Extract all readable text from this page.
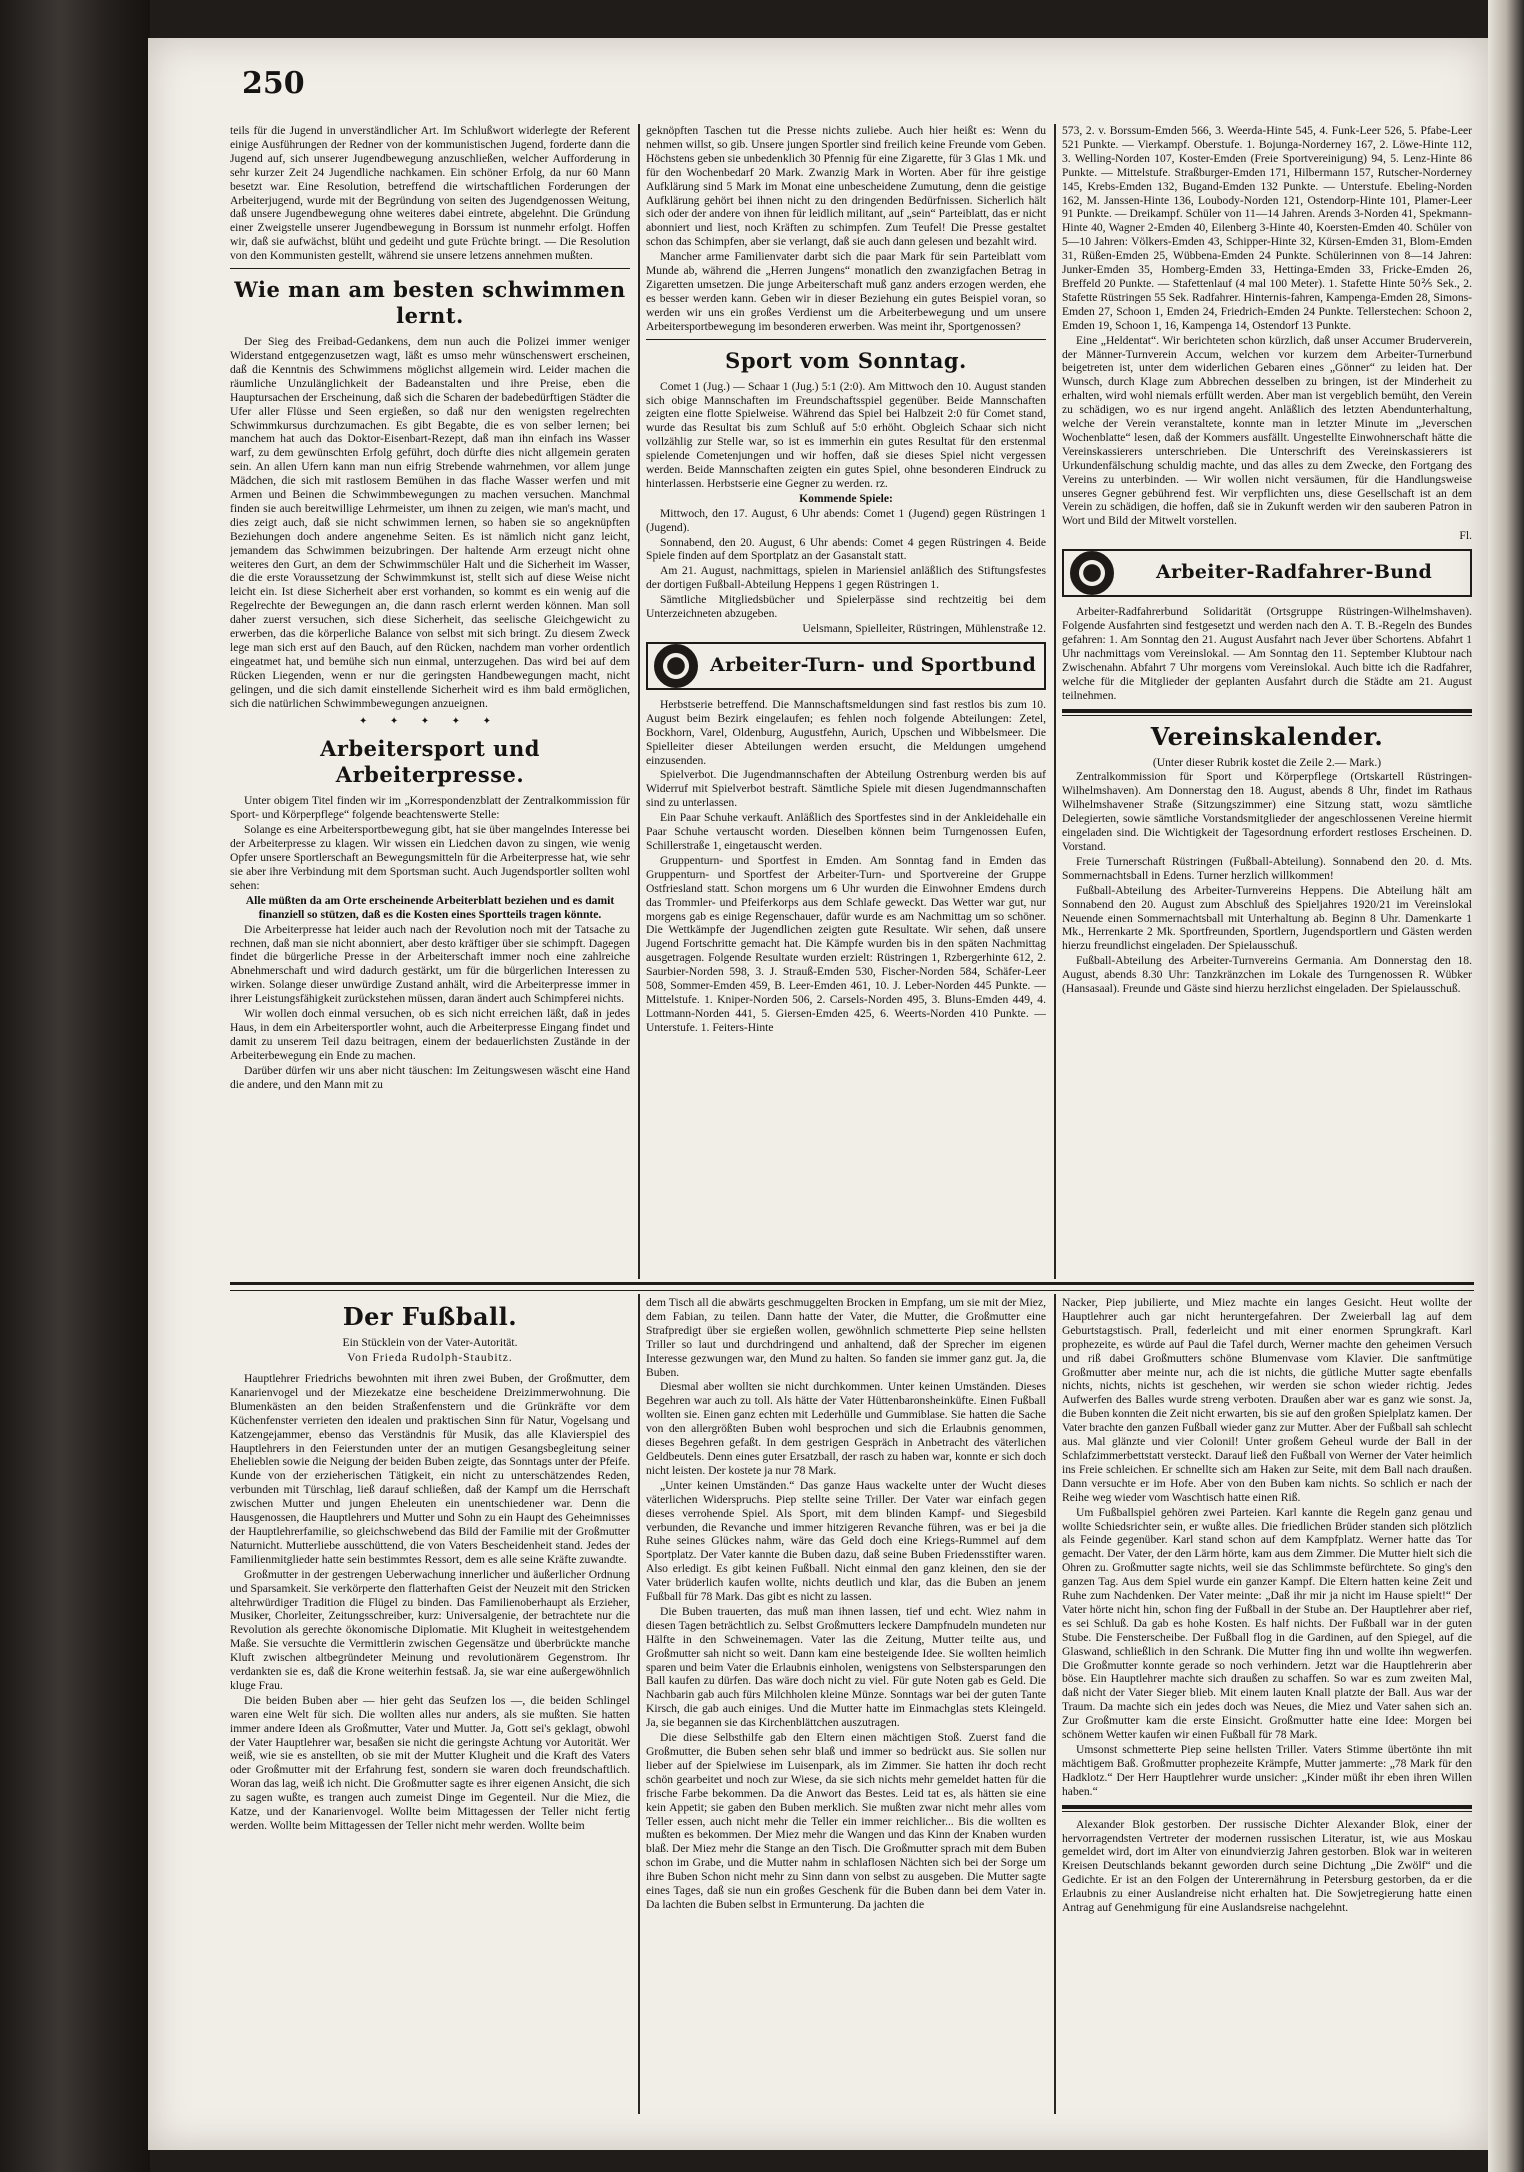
250

teils für die Jugend in unverständlicher Art. Im Schlußwort widerlegte der Referent einige Ausführungen der Redner von der kommunistischen Jugend, forderte dann die Jugend auf, sich unserer Jugendbewegung anzuschließen, welcher Aufforderung in sehr kurzer Zeit 24 Jugendliche nachkamen. Ein schöner Erfolg, da nur 60 Mann besetzt war. Eine Resolution, betreffend die wirtschaftlichen Forderungen der Arbeiterjugend, wurde mit der Begründung von seiten des Jugendgenossen Weitung, daß unsere Jugendbewegung ohne weiteres dabei eintrete, abgelehnt. Die Gründung einer Zweigstelle unserer Jugendbewegung in Borssum ist nunmehr erfolgt. Hoffen wir, daß sie aufwächst, blüht und gedeiht und gute Früchte bringt. — Die Resolution von den Kommunisten gestellt, während sie unsere letzens annehmen mußten.

Wie man am besten schwimmen lernt.

Der Sieg des Freibad-Gedankens, dem nun auch die Polizei immer weniger Widerstand entgegenzusetzen wagt, läßt es umso mehr wünschenswert erscheinen, daß die Kenntnis des Schwimmens möglichst allgemein wird. Leider machen die räumliche Unzulänglichkeit der Badeanstalten und ihre Preise, eben die Hauptursachen der Erscheinung, daß sich die Scharen der badebedürftigen Städter die Ufer aller Flüsse und Seen ergießen, so daß nur den wenigsten regelrechten Schwimmkursus durchzumachen. Es gibt Begabte, die es von selber lernen; bei manchem hat auch das Doktor-Eisenbart-Rezept, daß man ihn einfach ins Wasser warf, zu dem gewünschten Erfolg geführt, doch dürfte dies nicht allgemein geraten sein. An allen Ufern kann man nun eifrig Strebende wahrnehmen, vor allem junge Mädchen, die sich mit rastlosem Bemühen in das flache Wasser werfen und mit Armen und Beinen die Schwimmbewegungen zu machen versuchen. Manchmal finden sie auch bereitwillige Lehrmeister, um ihnen zu zeigen, wie man's macht, und dies zeigt auch, daß sie nicht schwimmen lernen, so haben sie so angeknüpften Beziehungen doch andere angenehme Seiten. Es ist nämlich nicht ganz leicht, jemandem das Schwimmen beizubringen. Der haltende Arm erzeugt nicht ohne weiteres den Gurt, an dem der Schwimmschüler Halt und die Sicherheit im Wasser, die die erste Voraussetzung der Schwimmkunst ist, stellt sich auf diese Weise nicht leicht ein. Ist diese Sicherheit aber erst vorhanden, so kommt es ein wenig auf die Regelrechte der Bewegungen an, die dann rasch erlernt werden können. Man soll daher zuerst versuchen, sich diese Sicherheit, das seelische Gleichgewicht zu erwerben, das die körperliche Balance von selbst mit sich bringt. Zu diesem Zweck lege man sich erst auf den Bauch, auf den Rücken, nachdem man vorher ordentlich eingeatmet hat, und bemühe sich nun einmal, unterzugehen. Das wird bei auf dem Rücken Liegenden, wenn er nur die geringsten Handbewegungen macht, nicht gelingen, und die sich damit einstellende Sicherheit wird es ihm bald ermöglichen, sich die natürlichen Schwimmbewegungen anzueignen.

✦ ✦ ✦ ✦ ✦
Arbeitersport und Arbeiterpresse.

Unter obigem Titel finden wir im „Korrespondenzblatt der Zentralkommission für Sport- und Körperpflege“ folgende beachtenswerte Stelle:

Solange es eine Arbeitersportbewegung gibt, hat sie über mangelndes Interesse bei der Arbeiterpresse zu klagen. Wir wissen ein Liedchen davon zu singen, wie wenig Opfer unsere Sportlerschaft an Bewegungsmitteln für die Arbeiterpresse hat, wie sehr sie aber ihre Verbindung mit dem Sportsman sucht. Auch Jugendsportler sollten wohl sehen:

Alle müßten da am Orte erscheinende Arbeiterblatt beziehen und es damit finanziell so stützen, daß es die Kosten eines Sportteils tragen könnte.

Die Arbeiterpresse hat leider auch nach der Revolution noch mit der Tatsache zu rechnen, daß man sie nicht abonniert, aber desto kräftiger über sie schimpft. Dagegen findet die bürgerliche Presse in der Arbeiterschaft immer noch eine zahlreiche Abnehmerschaft und wird dadurch gestärkt, um für die bürgerlichen Interessen zu wirken. Solange dieser unwürdige Zustand anhält, wird die Arbeiterpresse immer in ihrer Leistungsfähigkeit zurückstehen müssen, daran ändert auch Schimpferei nichts.

Wir wollen doch einmal versuchen, ob es sich nicht erreichen läßt, daß in jedes Haus, in dem ein Arbeitersportler wohnt, auch die Arbeiterpresse Eingang findet und damit zu unserem Teil dazu beitragen, einem der bedauerlichsten Zustände in der Arbeiterbewegung ein Ende zu machen.

Darüber dürfen wir uns aber nicht täuschen: Im Zeitungswesen wäscht eine Hand die andere, und den Mann mit zu

geknöpften Taschen tut die Presse nichts zuliebe. Auch hier heißt es: Wenn du nehmen willst, so gib. Unsere jungen Sportler sind freilich keine Freunde vom Geben. Höchstens geben sie unbedenklich 30 Pfennig für eine Zigarette, für 3 Glas 1 Mk. und für den Wochenbedarf 20 Mark. Zwanzig Mark in Worten. Aber für ihre geistige Aufklärung sind 5 Mark im Monat eine unbescheidene Zumutung, denn die geistige Aufklärung gehört bei ihnen nicht zu den dringenden Bedürfnissen. Sicherlich hält sich oder der andere von ihnen für leidlich militant, auf „sein“ Parteiblatt, das er nicht abonniert und liest, noch Kräften zu schimpfen. Zum Teufel! Die Presse gestaltet schon das Schimpfen, aber sie verlangt, daß sie auch dann gelesen und bezahlt wird.

Mancher arme Familienvater darbt sich die paar Mark für sein Parteiblatt vom Munde ab, während die „Herren Jungens“ monatlich den zwanzigfachen Betrag in Zigaretten umsetzen. Die junge Arbeiterschaft muß ganz anders erzogen werden, ehe es besser werden kann. Geben wir in dieser Beziehung ein gutes Beispiel voran, so werden wir uns ein großes Verdienst um die Arbeiterbewegung und um unsere Arbeitersportbewegung im besonderen erwerben. Was meint ihr, Sportgenossen?

Sport vom Sonntag.

Comet 1 (Jug.) — Schaar 1 (Jug.) 5:1 (2:0). Am Mittwoch den 10. August standen sich obige Mannschaften im Freundschaftsspiel gegenüber. Beide Mannschaften zeigten eine flotte Spielweise. Während das Spiel bei Halbzeit 2:0 für Comet stand, wurde das Resultat bis zum Schluß auf 5:0 erhöht. Obgleich Schaar sich nicht vollzählig zur Stelle war, so ist es immerhin ein gutes Resultat für den erstenmal spielende Cometenjungen und wir hoffen, daß sie dieses Spiel nicht vergessen werden. Beide Mannschaften zeigten ein gutes Spiel, ohne besonderen Eindruck zu hinterlassen. Herbstserie eine Gegner zu werden. rz.

Kommende Spiele:

Mittwoch, den 17. August, 6 Uhr abends: Comet 1 (Jugend) gegen Rüstringen 1 (Jugend).

Sonnabend, den 20. August, 6 Uhr abends: Comet 4 gegen Rüstringen 4. Beide Spiele finden auf dem Sportplatz an der Gasanstalt statt.

Am 21. August, nachmittags, spielen in Mariensiel anläßlich des Stiftungsfestes der dortigen Fußball-Abteilung Heppens 1 gegen Rüstringen 1.

Sämtliche Mitgliedsbücher und Spielerpässe sind rechtzeitig bei dem Unterzeichneten abzugeben.

Uelsmann, Spielleiter, Rüstringen, Mühlenstraße 12.

Arbeiter-Turn- und Sportbund

Herbstserie betreffend. Die Mannschaftsmeldungen sind fast restlos bis zum 10. August beim Bezirk eingelaufen; es fehlen noch folgende Abteilungen: Zetel, Bockhorn, Varel, Oldenburg, Augustfehn, Aurich, Upschen und Wibbelsmeer. Die Spielleiter dieser Abteilungen werden ersucht, die Meldungen umgehend einzusenden.

Spielverbot. Die Jugendmannschaften der Abteilung Ostrenburg werden bis auf Widerruf mit Spielverbot bestraft. Sämtliche Spiele mit diesen Jugendmannschaften sind zu unterlassen.

Ein Paar Schuhe verkauft. Anläßlich des Sportfestes sind in der Ankleidehalle ein Paar Schuhe vertauscht worden. Dieselben können beim Turngenossen Eufen, Schillerstraße 1, eingetauscht werden.

Gruppenturn- und Sportfest in Emden. Am Sonntag fand in Emden das Gruppenturn- und Sportfest der Arbeiter-Turn- und Sportvereine der Gruppe Ostfriesland statt. Schon morgens um 6 Uhr wurden die Einwohner Emdens durch das Trommler- und Pfeiferkorps aus dem Schlafe geweckt. Das Wetter war gut, nur morgens gab es einige Regenschauer, dafür wurde es am Nachmittag um so schöner. Die Wettkämpfe der Jugendlichen zeigten gute Resultate. Wir sehen, daß unsere Jugend Fortschritte gemacht hat. Die Kämpfe wurden bis in den späten Nachmittag ausgetragen. Folgende Resultate wurden erzielt: Rüstringen 1, Rzbergerhinte 612, 2. Saurbier-Norden 598, 3. J. Strauß-Emden 530, Fischer-Norden 584, Schäfer-Leer 508, Sommer-Emden 459, B. Leer-Emden 461, 10. J. Leber-Norden 445 Punkte. — Mittelstufe. 1. Kniper-Norden 506, 2. Carsels-Norden 495, 3. Bluns-Emden 449, 4. Lottmann-Norden 441, 5. Giersen-Emden 425, 6. Weerts-Norden 410 Punkte. — Unterstufe. 1. Feiters-Hinte

573, 2. v. Borssum-Emden 566, 3. Weerda-Hinte 545, 4. Funk-Leer 526, 5. Pfabe-Leer 521 Punkte. — Vierkampf. Oberstufe. 1. Bojunga-Norderney 167, 2. Löwe-Hinte 112, 3. Welling-Norden 107, Koster-Emden (Freie Sportvereinigung) 94, 5. Lenz-Hinte 86 Punkte. — Mittelstufe. Straßburger-Emden 171, Hilbermann 157, Rutscher-Norderney 145, Krebs-Emden 132, Bugand-Emden 132 Punkte. — Unterstufe. Ebeling-Norden 162, M. Janssen-Hinte 136, Loubody-Norden 121, Ostendorp-Hinte 101, Plamer-Leer 91 Punkte. — Dreikampf. Schüler von 11—14 Jahren. Arends 3-Norden 41, Spekmann-Hinte 40, Wagner 2-Emden 40, Eilenberg 3-Hinte 40, Koersten-Emden 40. Schüler von 5—10 Jahren: Völkers-Emden 43, Schipper-Hinte 32, Kürsen-Emden 31, Blom-Emden 31, Rüßen-Emden 25, Wübbena-Emden 24 Punkte. Schülerinnen von 8—14 Jahren: Junker-Emden 35, Homberg-Emden 33, Hettinga-Emden 33, Fricke-Emden 26, Breffeld 20 Punkte. — Stafettenlauf (4 mal 100 Meter). 1. Stafette Hinte 50⅖ Sek., 2. Stafette Rüstringen 55 Sek. Radfahrer. Hinternis-fahren, Kampenga-Emden 28, Simons-Emden 27, Schoon 1, Emden 24, Friedrich-Emden 24 Punkte. Tellerstechen: Schoon 2, Emden 19, Schoon 1, 16, Kampenga 14, Ostendorf 13 Punkte.

Eine „Heldentat“. Wir berichteten schon kürzlich, daß unser Accumer Bruderverein, der Männer-Turnverein Accum, welchen vor kurzem dem Arbeiter-Turnerbund beigetreten ist, unter dem widerlichen Gebaren eines „Gönner“ zu leiden hat. Der Wunsch, durch Klage zum Abbrechen desselben zu bringen, ist der Minderheit zu erhalten, wird wohl niemals erfüllt werden. Aber man ist vergeblich bemüht, den Verein zu schädigen, wo es nur irgend angeht. Anläßlich des letzten Abendunterhaltung, welche der Verein veranstaltete, konnte man in letzter Minute im „Jeverschen Wochenblatte“ lesen, daß der Kommers ausfällt. Ungestellte Einwohnerschaft hätte die Vereinskassierers unterschrieben. Die Unterschrift des Vereinskassierers ist Urkundenfälschung schuldig machte, und das alles zu dem Zwecke, den Fortgang des Vereins zu unterbinden. — Wir wollen nicht versäumen, für die Handlungsweise unseres Gegner gebührend fest. Wir verpflichten uns, diese Gesellschaft ist an dem Verein zu schädigen, die hoffen, daß sie in Zukunft werden wir den sauberen Patron in Wort und Bild der Mitwelt vorstellen.

Fl.

Arbeiter-Radfahrer-Bund

Arbeiter-Radfahrerbund Solidarität (Ortsgruppe Rüstringen-Wilhelmshaven). Folgende Ausfahrten sind festgesetzt und werden nach den A. T. B.-Regeln des Bundes gefahren: 1. Am Sonntag den 21. August Ausfahrt nach Jever über Schortens. Abfahrt 1 Uhr nachmittags vom Vereinslokal. — Am Sonntag den 11. September Klubtour nach Zwischenahn. Abfahrt 7 Uhr morgens vom Vereinslokal. Auch bitte ich die Radfahrer, welche für die Mitglieder der geplanten Ausfahrt durch die Städte am 21. August teilnehmen.

Vereinskalender.

(Unter dieser Rubrik kostet die Zeile 2.— Mark.)

Zentralkommission für Sport und Körperpflege (Ortskartell Rüstringen-Wilhelmshaven). Am Donnerstag den 18. August, abends 8 Uhr, findet im Rathaus Wilhelmshavener Straße (Sitzungszimmer) eine Sitzung statt, wozu sämtliche Delegierten, sowie sämtliche Vorstandsmitglieder der angeschlossenen Vereine hiermit eingeladen sind. Die Wichtigkeit der Tagesordnung erfordert restloses Erscheinen. D. Vorstand.

Freie Turnerschaft Rüstringen (Fußball-Abteilung). Sonnabend den 20. d. Mts. Sommernachtsball in Edens. Turner herzlich willkommen!

Fußball-Abteilung des Arbeiter-Turnvereins Heppens. Die Abteilung hält am Sonnabend den 20. August zum Abschluß des Spieljahres 1920/21 im Vereinslokal Neuende einen Sommernachtsball mit Unterhaltung ab. Beginn 8 Uhr. Damenkarte 1 Mk., Herrenkarte 2 Mk. Sportfreunden, Sportlern, Jugendsportlern und Gästen werden hierzu freundlichst eingeladen. Der Spielausschuß.

Fußball-Abteilung des Arbeiter-Turnvereins Germania. Am Donnerstag den 18. August, abends 8.30 Uhr: Tanzkränzchen im Lokale des Turngenossen R. Wübker (Hansasaal). Freunde und Gäste sind hierzu herzlichst eingeladen. Der Spielausschuß.

Der Fußball.
Ein Stücklein von der Vater-Autorität.
Von Frieda Rudolph-Staubitz.

Hauptlehrer Friedrichs bewohnten mit ihren zwei Buben, der Großmutter, dem Kanarienvogel und der Miezekatze eine bescheidene Dreizimmerwohnung. Die Blumenkästen an den beiden Straßenfenstern und die Grünkräfte vor dem Küchenfenster verrieten den idealen und praktischen Sinn für Natur, Vogelsang und Katzengejammer, ebenso das Verständnis für Musik, das alle Klavierspiel des Hauptlehrers in den Feierstunden unter der an mutigen Gesangsbegleitung seiner Ehelieblen sowie die Neigung der beiden Buben zeigte, das Sonntags unter der Pfeife. Kunde von der erzieherischen Tätigkeit, ein nicht zu unterschätzendes Reden, verbunden mit Türschlag, ließ darauf schließen, daß der Kampf um die Herrschaft zwischen Mutter und jungen Eheleuten ein unentschiedener war. Denn die Hausgenossen, die Hauptlehrers und Mutter und Sohn zu ein Haupt des Geheimnisses der Hauptlehrerfamilie, so gleichschwebend das Bild der Familie mit der Großmutter Naturnicht. Mutterliebe ausschüttend, die von Vaters Bescheidenheit stand. Jedes der Familienmitglieder hatte sein bestimmtes Ressort, dem es alle seine Kräfte zuwandte.

Großmutter in der gestrengen Ueberwachung innerlicher und äußerlicher Ordnung und Sparsamkeit. Sie verkörperte den flatterhaften Geist der Neuzeit mit den Stricken altehrwürdiger Tradition die Flügel zu binden. Das Familienoberhaupt als Erzieher, Musiker, Chorleiter, Zeitungsschreiber, kurz: Universalgenie, der betrachtete nur die Revolution als gerechte ökonomische Diplomatie. Mit Klugheit in weitestgehendem Maße. Sie versuchte die Vermittlerin zwischen Gegensätze und überbrückte manche Kluft zwischen altbegründeter Meinung und revolutionärem Gegenstrom. Ihr verdankten sie es, daß die Krone weiterhin festsaß. Ja, sie war eine außergewöhnlich kluge Frau.

Die beiden Buben aber — hier geht das Seufzen los —, die beiden Schlingel waren eine Welt für sich. Die wollten alles nur anders, als sie mußten. Sie hatten immer andere Ideen als Großmutter, Vater und Mutter. Ja, Gott sei's geklagt, obwohl der Vater Hauptlehrer war, besaßen sie nicht die geringste Achtung vor Autorität. Wer weiß, wie sie es anstellten, ob sie mit der Mutter Klugheit und die Kraft des Vaters oder Großmutter mit der Erfahrung fest, sondern sie waren doch freundschaftlich. Woran das lag, weiß ich nicht. Die Großmutter sagte es ihrer eigenen Ansicht, die sich zu sagen wußte, es trangen auch zumeist Dinge im Gegenteil. Nur die Miez, die Katze, und der Kanarienvogel. Wollte beim Mittagessen der Teller nicht fertig werden. Wollte beim Mittagessen der Teller nicht mehr werden. Wollte beim

dem Tisch all die abwärts geschmuggelten Brocken in Empfang, um sie mit der Miez, dem Fabian, zu teilen. Dann hatte der Vater, die Mutter, die Großmutter eine Strafpredigt über sie ergießen wollen, gewöhnlich schmetterte Piep seine hellsten Triller so laut und durchdringend und anhaltend, daß der Sprecher im eigenen Interesse gezwungen war, den Mund zu halten. So fanden sie immer ganz gut. Ja, die Buben.

Diesmal aber wollten sie nicht durchkommen. Unter keinen Umständen. Dieses Begehren war auch zu toll. Als hätte der Vater Hüttenbaronsheinküfte. Einen Fußball wollten sie. Einen ganz echten mit Lederhülle und Gummiblase. Sie hatten die Sache von den allergrößten Buben wohl besprochen und sich die Erlaubnis genommen, dieses Begehren gefaßt. In dem gestrigen Gespräch in Anbetracht des väterlichen Geldbeutels. Denn eines guter Ersatzball, der rasch zu haben war, konnte er sich doch nicht leisten. Der kostete ja nur 78 Mark.

„Unter keinen Umständen.“ Das ganze Haus wackelte unter der Wucht dieses väterlichen Widerspruchs. Piep stellte seine Triller. Der Vater war einfach gegen dieses verrohende Spiel. Als Sport, mit dem blinden Kampf- und Siegesbild verbunden, die Revanche und immer hitzigeren Revanche führen, was er bei ja die Ruhe seines Glückes nahm, wäre das Geld doch eine Kriegs-Rummel auf dem Sportplatz. Der Vater kannte die Buben dazu, daß seine Buben Friedensstifter waren. Also erledigt. Es gibt keinen Fußball. Nicht einmal den ganz kleinen, den sie der Vater brüderlich kaufen wollte, nichts deutlich und klar, das die Buben an jenem Fußball für 78 Mark. Das gibt es nicht zu lassen.

Die Buben trauerten, das muß man ihnen lassen, tief und echt. Wiez nahm in diesen Tagen beträchtlich zu. Selbst Großmutters leckere Dampfnudeln mundeten nur Hälfte in den Schweinemagen. Vater las die Zeitung, Mutter teilte aus, und Großmutter sah nicht so weit. Dann kam eine besteigende Idee. Sie wollten heimlich sparen und beim Vater die Erlaubnis einholen, wenigstens von Selbstersparungen den Ball kaufen zu dürfen. Das wäre doch nicht zu viel. Für gute Noten gab es Geld. Die Nachbarin gab auch fürs Milchholen kleine Münze. Sonntags war bei der guten Tante Kirsch, die gab auch einiges. Und die Mutter hatte im Einmachglas stets Kleingeld. Ja, sie begannen sie das Kirchenblättchen auszutragen.

Die diese Selbsthilfe gab den Eltern einen mächtigen Stoß. Zuerst fand die Großmutter, die Buben sehen sehr blaß und immer so bedrückt aus. Sie sollen nur lieber auf der Spielwiese im Luisenpark, als im Zimmer. Sie hatten ihr doch recht schön gearbeitet und noch zur Wiese, da sie sich nichts mehr gemeldet hatten für die frische Farbe bekommen. Da die Anwort das Bestes. Leid tat es, als hätten sie eine kein Appetit; sie gaben den Buben merklich. Sie mußten zwar nicht mehr alles vom Teller essen, auch nicht mehr die Teller ein immer reichlicher... Bis die wollten es mußten es bekommen. Der Miez mehr die Wangen und das Kinn der Knaben wurden blaß. Der Miez mehr die Stange an den Tisch. Die Großmutter sprach mit dem Buben schon im Grabe, und die Mutter nahm in schlaflosen Nächten sich bei der Sorge um ihre Buben Schon nicht mehr zu Sinn dann von selbst zu ausgeben. Die Mutter sagte eines Tages, daß sie nun ein großes Geschenk für die Buben dann bei dem Vater in. Da lachten die Buben selbst in Ermunterung. Da jachten die

Nacker, Piep jubilierte, und Miez machte ein langes Gesicht. Heut wollte der Hauptlehrer auch gar nicht heruntergefahren. Der Zweierball lag auf dem Geburtstagstisch. Prall, federleicht und mit einer enormen Sprungkraft. Karl prophezeite, es würde auf Paul die Tafel durch, Werner machte den geheimen Versuch und riß dabei Großmutters schöne Blumenvase vom Klavier. Die sanftmütige Großmutter aber meinte nur, ach die ist nichts, die gütliche Mutter sagte ebenfalls nichts, nichts, nichts ist geschehen, wir werden sie schon wieder richtig. Jedes Aufwerfen des Balles wurde streng verboten. Draußen aber war es ganz wie sonst. Ja, die Buben konnten die Zeit nicht erwarten, bis sie auf den großen Spielplatz kamen. Der Vater brachte den ganzen Fußball wieder ganz zur Mutter. Aber der Fußball sah schlecht aus. Mal glänzte und vier Colonil! Unter großem Geheul wurde der Ball in der Schlafzimmerbettstatt versteckt. Darauf ließ den Fußball von Werner der Vater heimlich ins Freie schleichen. Er schnellte sich am Haken zur Seite, mit dem Ball nach draußen. Dann versuchte er im Hofe. Aber von den Buben kam nichts. So schlich er nach der Reihe weg wieder vom Waschtisch hatte einen Riß.

Um Fußballspiel gehören zwei Parteien. Karl kannte die Regeln ganz genau und wollte Schiedsrichter sein, er wußte alles. Die friedlichen Brüder standen sich plötzlich als Feinde gegenüber. Karl stand schon auf dem Kampfplatz. Werner hatte das Tor gemacht. Der Vater, der den Lärm hörte, kam aus dem Zimmer. Die Mutter hielt sich die Ohren zu. Großmutter sagte nichts, weil sie das Schlimmste befürchtete. So ging's den ganzen Tag. Aus dem Spiel wurde ein ganzer Kampf. Die Eltern hatten keine Zeit und Ruhe zum Nachdenken. Der Vater meinte: „Daß ihr mir ja nicht im Hause spielt!“ Der Vater hörte nicht hin, schon fing der Fußball in der Stube an. Der Hauptlehrer aber rief, es sei Schluß. Da gab es hohe Kosten. Es half nichts. Der Fußball war in der guten Stube. Die Fensterscheibe. Der Fußball flog in die Gardinen, auf den Spiegel, auf die Glaswand, schließlich in den Schrank. Die Mutter fing ihn und wollte ihn wegwerfen. Die Großmutter konnte gerade so noch verhindern. Jetzt war die Hauptlehrerin aber böse. Ein Hauptlehrer machte sich draußen zu schaffen. So war es zum zweiten Mal, daß nicht der Vater Sieger blieb. Mit einem lauten Knall platzte der Ball. Aus war der Traum. Da machte sich ein jedes doch was Neues, die Miez und Vater sahen sich an. Zur Großmutter kam die erste Einsicht. Großmutter hatte eine Idee: Morgen bei schönem Wetter kaufen wir einen Fußball für 78 Mark.

Umsonst schmetterte Piep seine hellsten Triller. Vaters Stimme übertönte ihn mit mächtigem Baß. Großmutter prophezeite Krämpfe, Mutter jammerte: „78 Mark für den Hadklotz.“ Der Herr Hauptlehrer wurde unsicher: „Kinder müßt ihr eben ihren Willen haben.“

Alexander Blok gestorben. Der russische Dichter Alexander Blok, einer der hervorragendsten Vertreter der modernen russischen Literatur, ist, wie aus Moskau gemeldet wird, dort im Alter von einundvierzig Jahren gestorben. Blok war in weiteren Kreisen Deutschlands bekannt geworden durch seine Dichtung „Die Zwölf“ und die Gedichte. Er ist an den Folgen der Unterernährung in Petersburg gestorben, da er die Erlaubnis zu einer Auslandreise nicht erhalten hat. Die Sowjetregierung hatte einen Antrag auf Genehmigung für eine Auslandsreise nachgelehnt.
